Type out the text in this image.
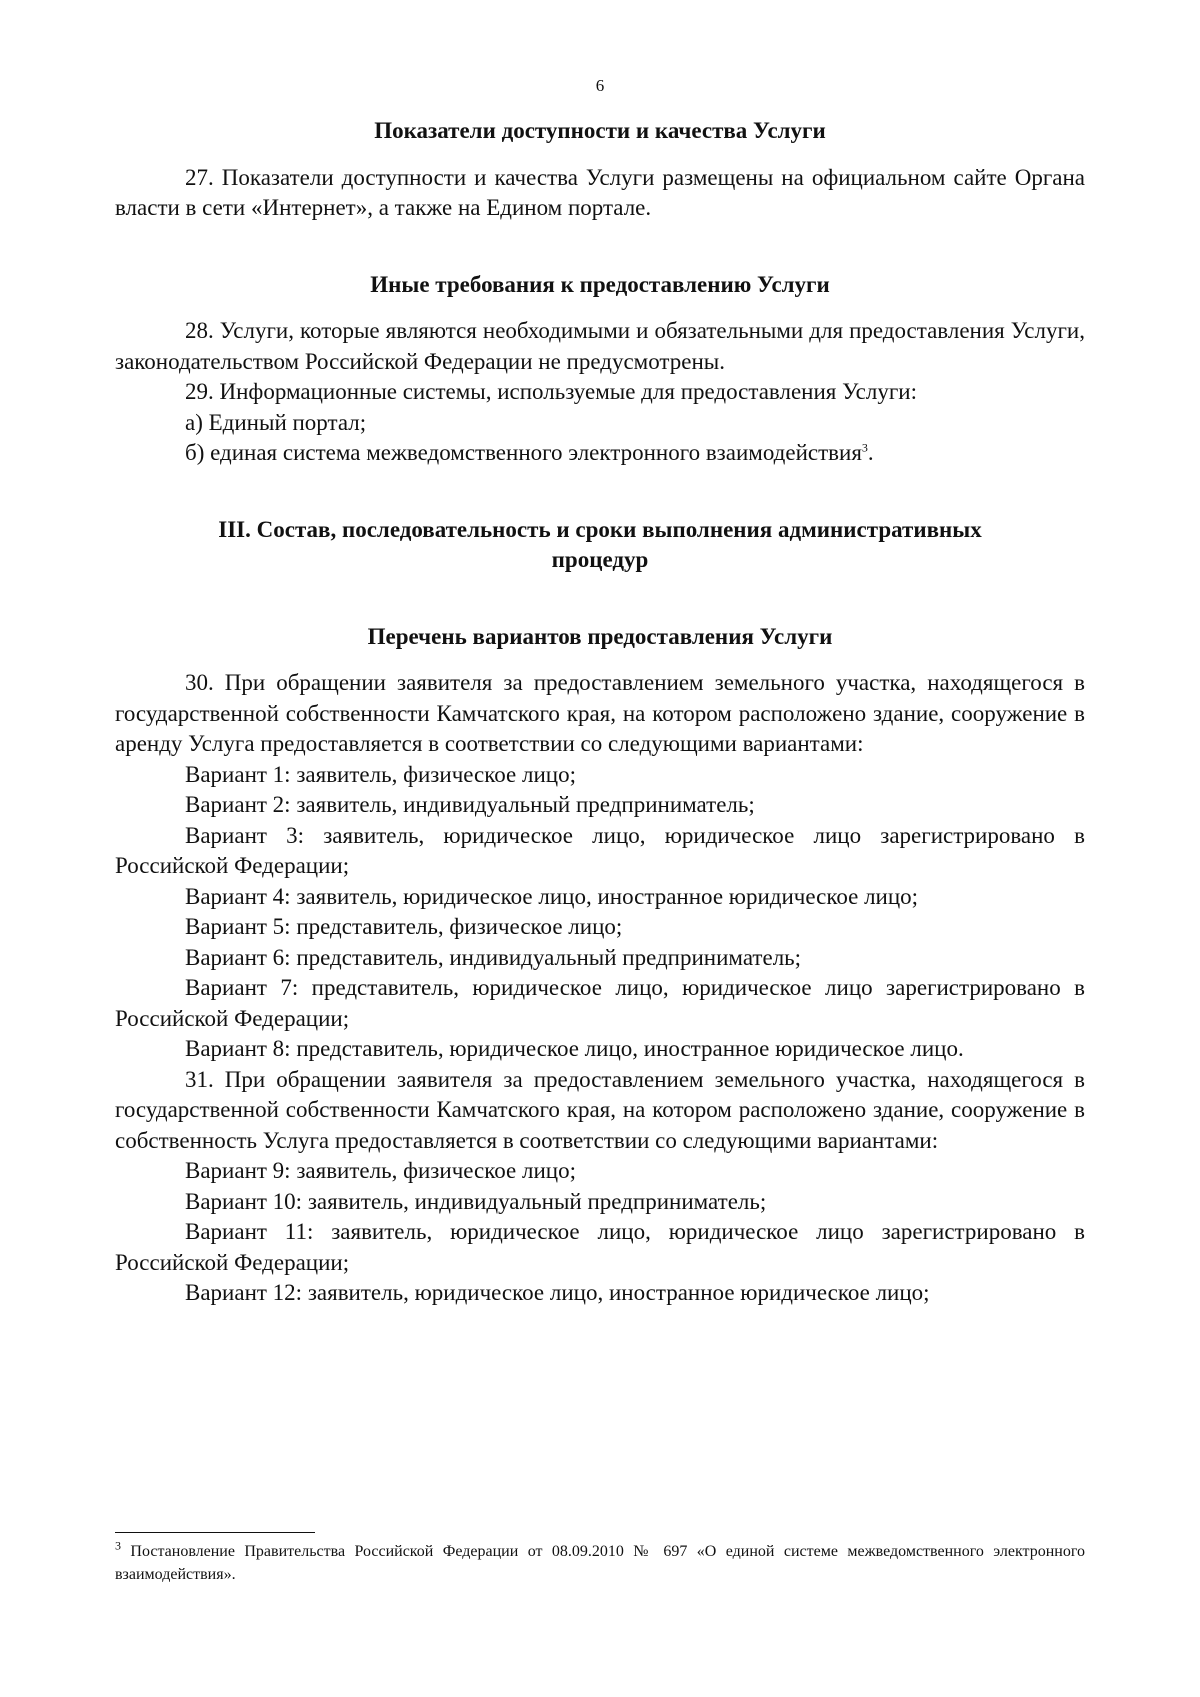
6

Показатели доступности и качества Услуги

27. Показатели доступности и качества Услуги размещены на официальном сайте Органа власти в сети «Интернет», а также на Едином портале.

Иные требования к предоставлению Услуги

28. Услуги, которые являются необходимыми и обязательными для предоставления Услуги, законодательством Российской Федерации не предусмотрены.

29. Информационные системы, используемые для предоставления Услуги:

а) Единый портал;

б) единая система межведомственного электронного взаимодействия$^3$.

III. Состав, последовательность и сроки выполнения административных
процедур

Перечень вариантов предоставления Услуги

30. При обращении заявителя за предоставлением земельного участка, находящегося в государственной собственности Камчатского края, на котором расположено здание, сооружение в аренду Услуга предоставляется в соответствии со следующими вариантами:

Вариант 1: заявитель, физическое лицо;

Вариант 2: заявитель, индивидуальный предприниматель;

Вариант 3: заявитель, юридическое лицо, юридическое лицо зарегистрировано в Российской Федерации;

Вариант 4: заявитель, юридическое лицо, иностранное юридическое лицо;

Вариант 5: представитель, физическое лицо;

Вариант 6: представитель, индивидуальный предприниматель;

Вариант 7: представитель, юридическое лицо, юридическое лицо зарегистрировано в Российской Федерации;

Вариант 8: представитель, юридическое лицо, иностранное юридическое лицо.

31. При обращении заявителя за предоставлением земельного участка, находящегося в государственной собственности Камчатского края, на котором расположено здание, сооружение в собственность Услуга предоставляется в соответствии со следующими вариантами:

Вариант 9: заявитель, физическое лицо;

Вариант 10: заявитель, индивидуальный предприниматель;

Вариант 11: заявитель, юридическое лицо, юридическое лицо зарегистрировано в Российской Федерации;

Вариант 12: заявитель, юридическое лицо, иностранное юридическое лицо;

$^3$ Постановление Правительства Российской Федерации от 08.09.2010 № 697 «О единой системе межведомственного электронного взаимодействия».
